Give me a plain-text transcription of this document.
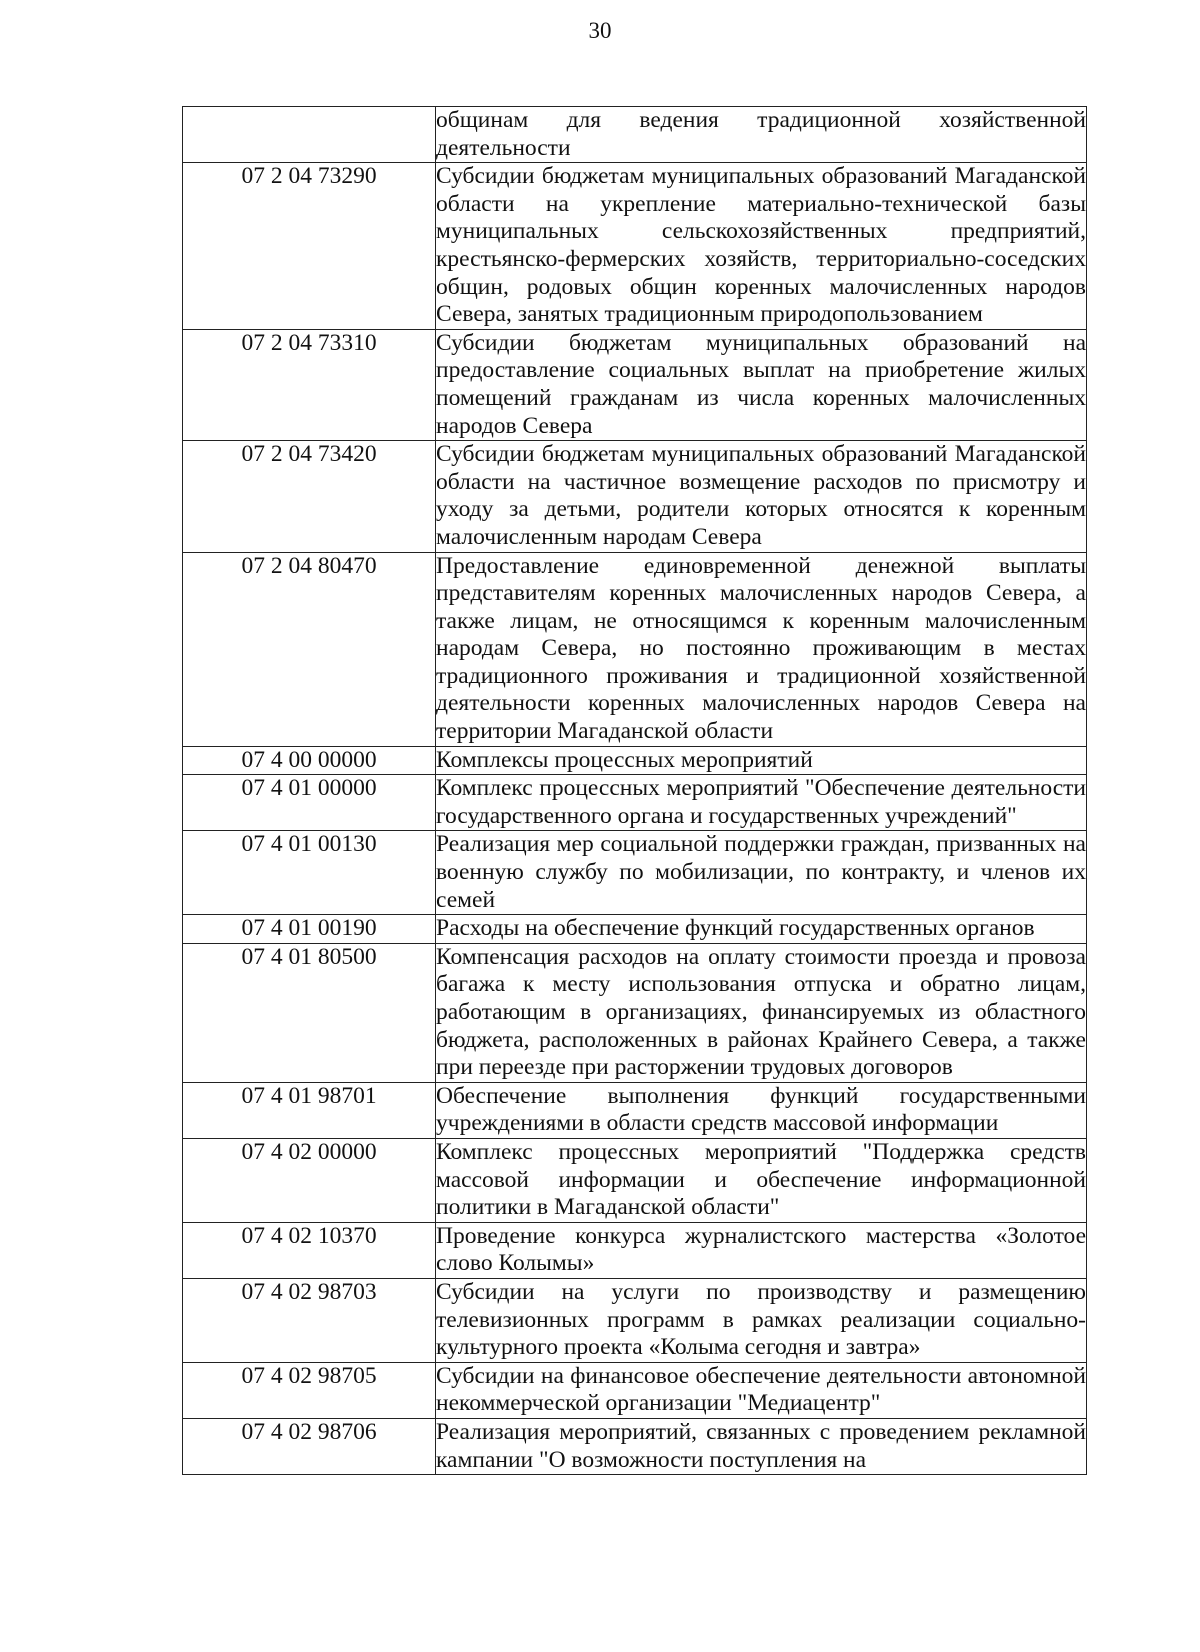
30
	общинам для ведения традиционной хозяйственной деятельности
07 2 04 73290	Субсидии бюджетам муниципальных образований Магаданской области на укрепление материально-технической базы муниципальных сельскохозяйственных предприятий, крестьянско-фермерских хозяйств, территориально-соседских общин, родовых общин коренных малочисленных народов Севера, занятых традиционным природопользованием
07 2 04 73310	Субсидии бюджетам муниципальных образований на предоставление социальных выплат на приобретение жилых помещений гражданам из числа коренных малочисленных народов Севера
07 2 04 73420	Субсидии бюджетам муниципальных образований Магаданской области на частичное возмещение расходов по присмотру и уходу за детьми, родители которых относятся к коренным малочисленным народам Севера
07 2 04 80470	Предоставление единовременной денежной выплаты представителям коренных малочисленных народов Севера, а также лицам, не относящимся к коренным малочисленным народам Севера, но постоянно проживающим в местах традиционного проживания и традиционной хозяйственной деятельности коренных малочисленных народов Севера на территории Магаданской области
07 4 00 00000	Комплексы процессных мероприятий
07 4 01 00000	Комплекс процессных мероприятий "Обеспечение деятельности государственного органа и государственных учреждений"
07 4 01 00130	Реализация мер социальной поддержки граждан, призванных на военную службу по мобилизации, по контракту, и членов их семей
07 4 01 00190	Расходы на обеспечение функций государственных органов
07 4 01 80500	Компенсация расходов на оплату стоимости проезда и провоза багажа к месту использования отпуска и обратно лицам, работающим в организациях, финансируемых из областного бюджета, расположенных в районах Крайнего Севера, а также при переезде при расторжении трудовых договоров
07 4 01 98701	Обеспечение выполнения функций государственными учреждениями в области средств массовой информации
07 4 02 00000	Комплекс процессных мероприятий "Поддержка средств массовой информации и обеспечение информационной политики в Магаданской области"
07 4 02 10370	Проведение конкурса журналистского мастерства «Золотое слово Колымы»
07 4 02 98703	Субсидии на услуги по производству и размещению телевизионных программ в рамках реализации социально-культурного проекта «Колыма сегодня и завтра»
07 4 02 98705	Субсидии на финансовое обеспечение деятельности автономной некоммерческой организации "Медиацентр"
07 4 02 98706	Реализация мероприятий, связанных с проведением рекламной кампании "О возможности поступления на
